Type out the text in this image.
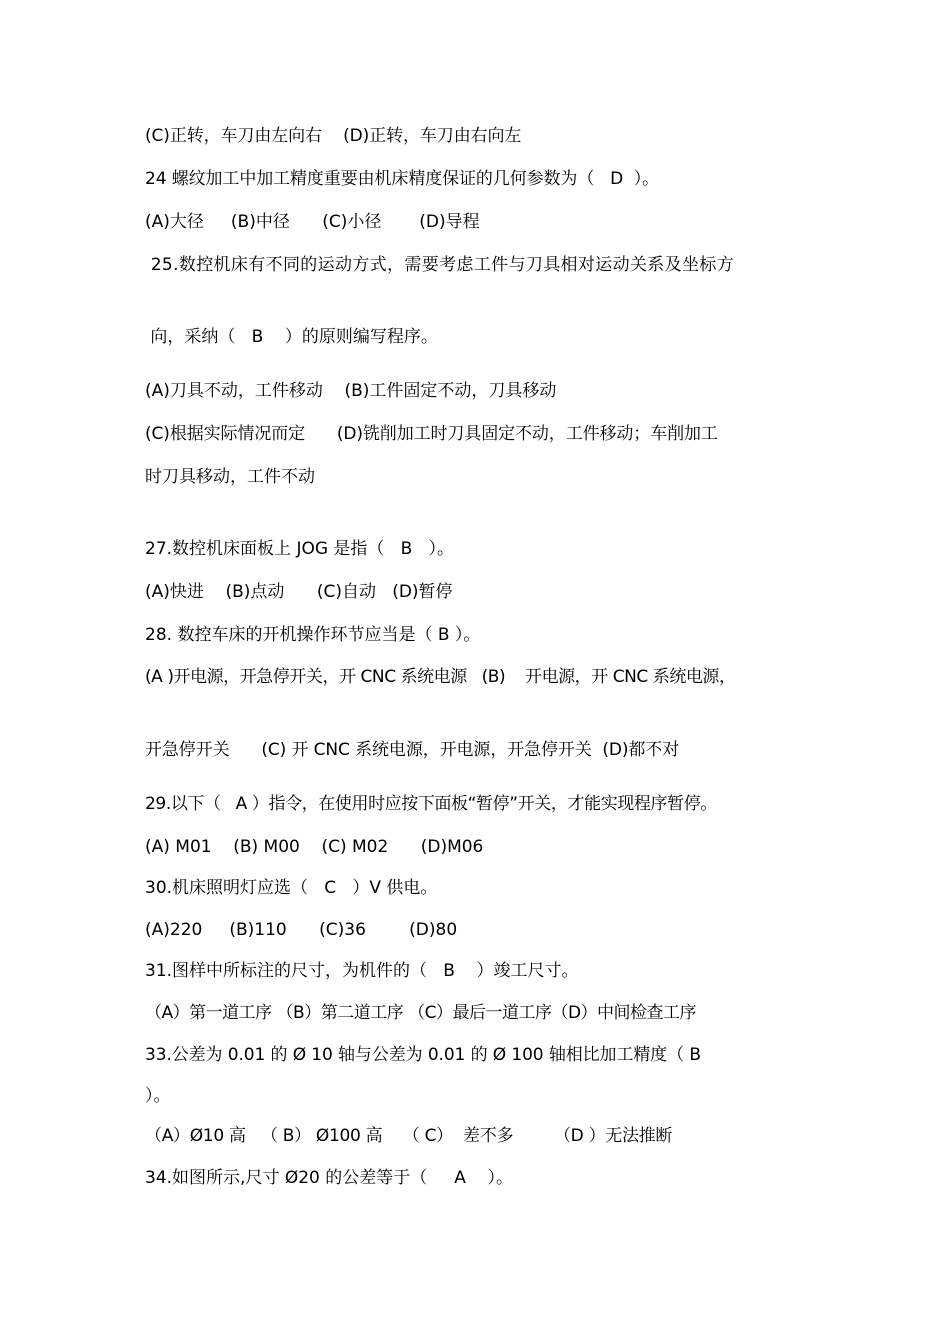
(C)正转，车刀由左向右    (D)正转，车刀由右向左

24 螺纹加工中加工精度重要由机床精度保证的几何参数为（   D  ）。

(A)大径     (B)中径      (C)小径       (D)导程

25.数控机床有不同的运动方式，需要考虑工件与刀具相对运动关系及坐标方

向，采纳（   B    ）的原则编写程序。

(A)刀具不动，工件移动    (B)工件固定不动，刀具移动

(C)根据实际情况而定      (D)铣削加工时刀具固定不动，工件移动；车削加工

时刀具移动，工件不动

27.数控机床面板上 JOG 是指（   B   ）。

(A)快进    (B)点动      (C)自动   (D)暂停

28. 数控车床的开机操作环节应当是（ B ）。

(A )开电源，开急停开关，开 CNC 系统电源   (B)    开电源，开 CNC 系统电源，

开急停开关      (C) 开 CNC 系统电源，开电源，开急停开关  (D)都不对

29.以下（   A ）指令，在使用时应按下面板“暂停”开关，才能实现程序暂停。

(A) M01    (B) M00    (C) M02      (D)M06

30.机床照明灯应选（   C   ）V 供电。

(A)220     (B)110      (C)36        (D)80

31.图样中所标注的尺寸，为机件的（   B    ）竣工尺寸。

（A）第一道工序 （B）第二道工序 （C）最后一道工序（D）中间检查工序

33.公差为 0.01 的 Ø 10 轴与公差为 0.01 的 Ø 100 轴相比加工精度（ B

）。

（A）Ø10 高   （ B） Ø100 高    （ C）  差不多        （D ）无法推断

34.如图所示,尺寸 Ø20 的公差等于（     A    ）。
